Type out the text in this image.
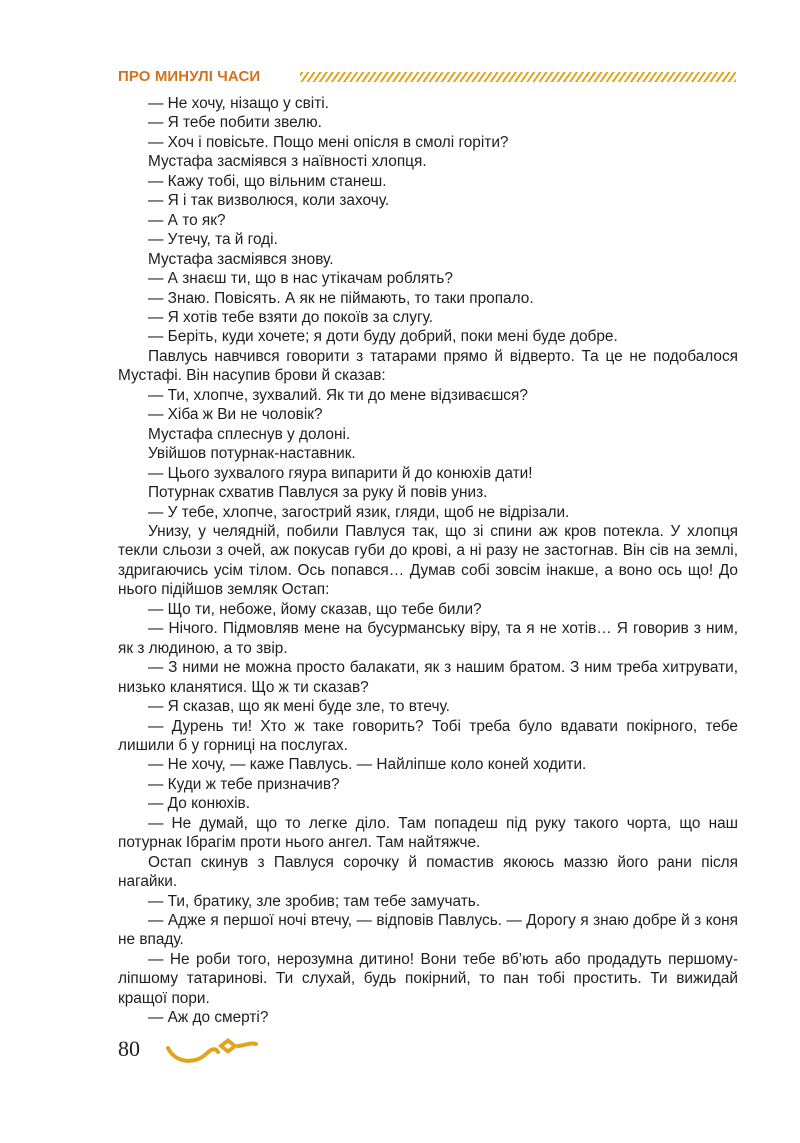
ПРО МИНУЛІ ЧАСИ

— Не хочу, нізащо у світі.

— Я тебе побити звелю.

— Хоч і повісьте. Пощо мені опісля в смолі горіти?

Мустафа засміявся з наївності хлопця.

— Кажу тобі, що вільним станеш.

— Я і так визволюся, коли захочу.

— А то як?

— Утечу, та й годі.

Мустафа засміявся знову.

— А знаєш ти, що в нас утікачам роблять?

— Знаю. Повісять. А як не піймають, то таки пропало.

— Я хотів тебе взяти до покоїв за слугу.

— Беріть, куди хочете; я доти буду добрий, поки мені буде добре.

Павлусь навчився говорити з татарами прямо й відверто. Та це не подобалося Мустафі. Він насупив брови й сказав:

— Ти, хлопче, зухвалий. Як ти до мене відзиваєшся?

— Хіба ж Ви не чоловік?

Мустафа сплеснув у долоні.

Увійшов потурнак-наставник.

— Цього зухвалого гяура випарити й до конюхів дати!

Потурнак схватив Павлуся за руку й повів униз.

— У тебе, хлопче, загострий язик, гляди, щоб не відрізали.

Унизу, у челядній, побили Павлуся так, що зі спини аж кров потекла. У хлопця текли сльози з очей, аж покусав губи до крові, а ні разу не застогнав. Він сів на землі, здригаючись усім тілом. Ось попався… Думав собі зовсім інакше, а воно ось що! До нього підійшов земляк Остап:

— Що ти, небоже, йому сказав, що тебе били?

— Нічого. Підмовляв мене на бусурманську віру, та я не хотів… Я говорив з ним, як з людиною, а то звір.

— З ними не можна просто балакати, як з нашим братом. З ним треба хитрувати, низько кланятися. Що ж ти сказав?

— Я сказав, що як мені буде зле, то втечу.

— Дурень ти! Хто ж таке говорить? Тобі треба було вдавати покірного, тебе лишили б у горниці на послугах.

— Не хочу, — каже Павлусь. — Найліпше коло коней ходити.

— Куди ж тебе призначив?

— До конюхів.

— Не думай, що то легке діло. Там попадеш під руку такого чорта, що наш потурнак Ібрагім проти нього ангел. Там найтяжче.

Остап скинув з Павлуся сорочку й помастив якоюсь маззю його рани після нагайки.

— Ти, братику, зле зробив; там тебе замучать.

— Адже я першої ночі втечу, — відповів Павлусь. — Дорогу я знаю добре й з коня не впаду.

— Не роби того, нерозумна дитино! Вони тебе вб’ють або продадуть першому-ліпшому татаринові. Ти слухай, будь покірний, то пан тобі простить. Ти вижидай кращої пори.

— Аж до смерті?

80
